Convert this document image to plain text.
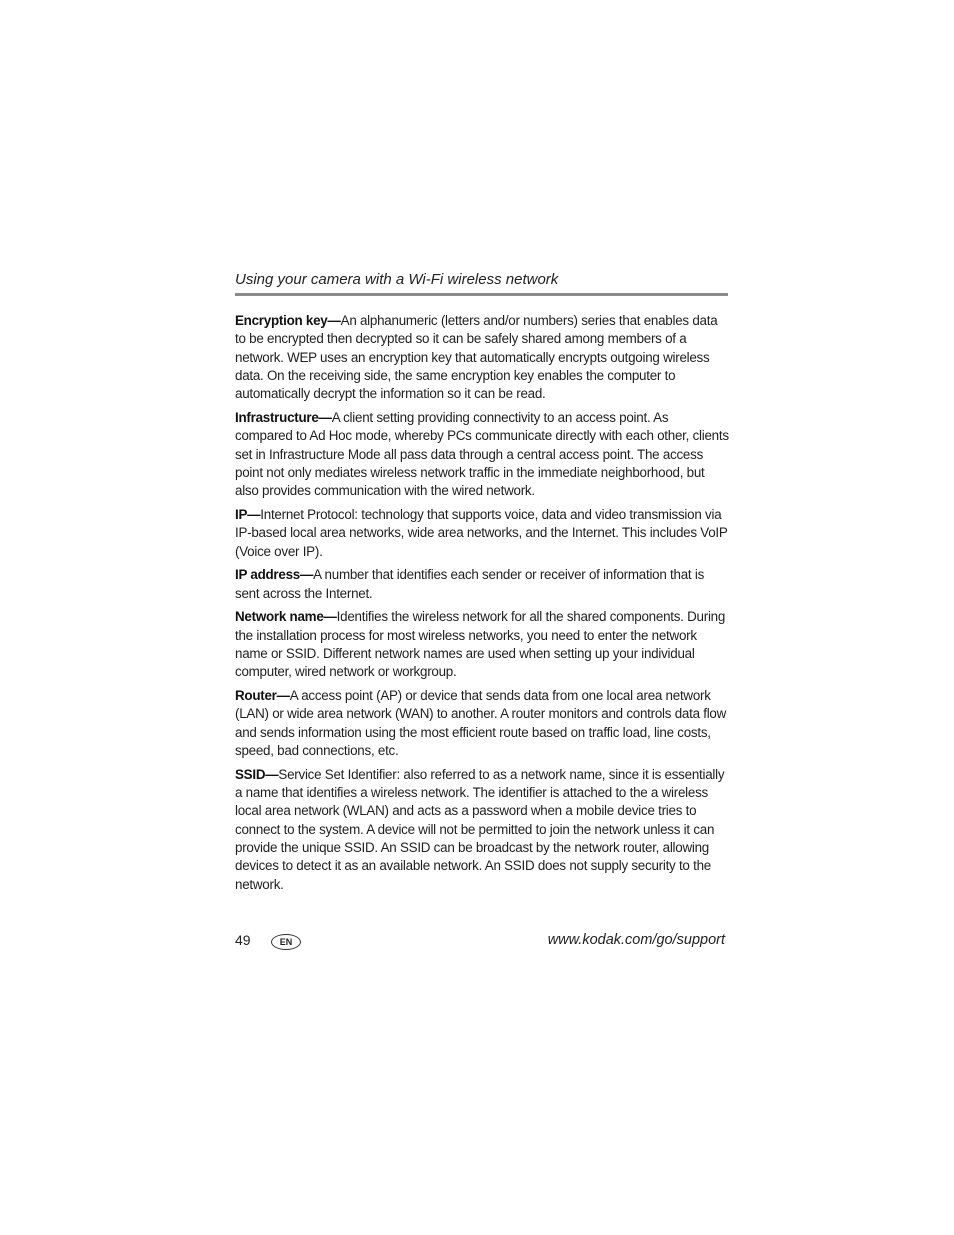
Using your camera with a Wi-Fi wireless network

Encryption key—An alphanumeric (letters and/or numbers) series that enables data to be encrypted then decrypted so it can be safely shared among members of a network. WEP uses an encryption key that automatically encrypts outgoing wireless data. On the receiving side, the same encryption key enables the computer to automatically decrypt the information so it can be read.

Infrastructure—A client setting providing connectivity to an access point. As compared to Ad Hoc mode, whereby PCs communicate directly with each other, clients set in Infrastructure Mode all pass data through a central access point. The access point not only mediates wireless network traffic in the immediate neighborhood, but also provides communication with the wired network.

IP—Internet Protocol: technology that supports voice, data and video transmission via IP-based local area networks, wide area networks, and the Internet. This includes VoIP (Voice over IP).

IP address—A number that identifies each sender or receiver of information that is sent across the Internet.

Network name—Identifies the wireless network for all the shared components. During the installation process for most wireless networks, you need to enter the network name or SSID. Different network names are used when setting up your individual computer, wired network or workgroup.

Router—A access point (AP) or device that sends data from one local area network (LAN) or wide area network (WAN) to another. A router monitors and controls data flow and sends information using the most efficient route based on traffic load, line costs, speed, bad connections, etc.

SSID—Service Set Identifier: also referred to as a network name, since it is essentially a name that identifies a wireless network. The identifier is attached to the a wireless local area network (WLAN) and acts as a password when a mobile device tries to connect to the system. A device will not be permitted to join the network unless it can provide the unique SSID. An SSID can be broadcast by the network router, allowing devices to detect it as an available network. An SSID does not supply security to the network.

49	EN	www.kodak.com/go/support
